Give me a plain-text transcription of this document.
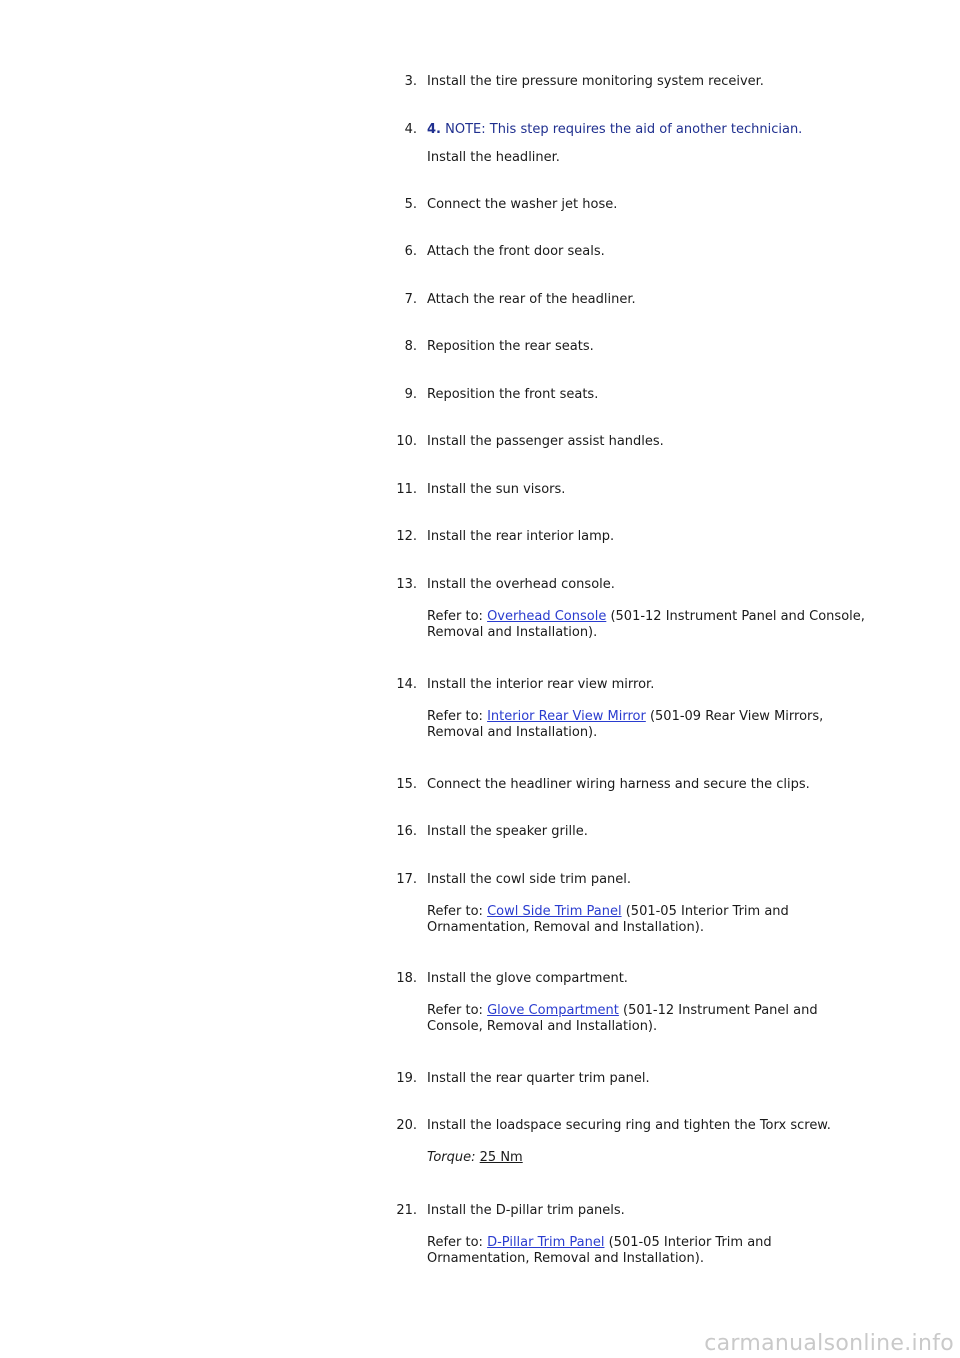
3. Install the tire pressure monitoring system receiver.
4. 4. NOTE: This step requires the aid of another technician.
Install the headliner.
5. Connect the washer jet hose.
6. Attach the front door seals.
7. Attach the rear of the headliner.
8. Reposition the rear seats.
9. Reposition the front seats.
10. Install the passenger assist handles.
11. Install the sun visors.
12. Install the rear interior lamp.
13. Install the overhead console.
Refer to: Overhead Console (501-12 Instrument Panel and Console,
Removal and Installation).
14. Install the interior rear view mirror.
Refer to: Interior Rear View Mirror (501-09 Rear View Mirrors,
Removal and Installation).
15. Connect the headliner wiring harness and secure the clips.
16. Install the speaker grille.
17. Install the cowl side trim panel.
Refer to: Cowl Side Trim Panel (501-05 Interior Trim and
Ornamentation, Removal and Installation).
18. Install the glove compartment.
Refer to: Glove Compartment (501-12 Instrument Panel and
Console, Removal and Installation).
19. Install the rear quarter trim panel.
20. Install the loadspace securing ring and tighten the Torx screw.
Torque: 25 Nm
21. Install the D-pillar trim panels.
Refer to: D-Pillar Trim Panel (501-05 Interior Trim and
Ornamentation, Removal and Installation).
carmanualsonline.info
